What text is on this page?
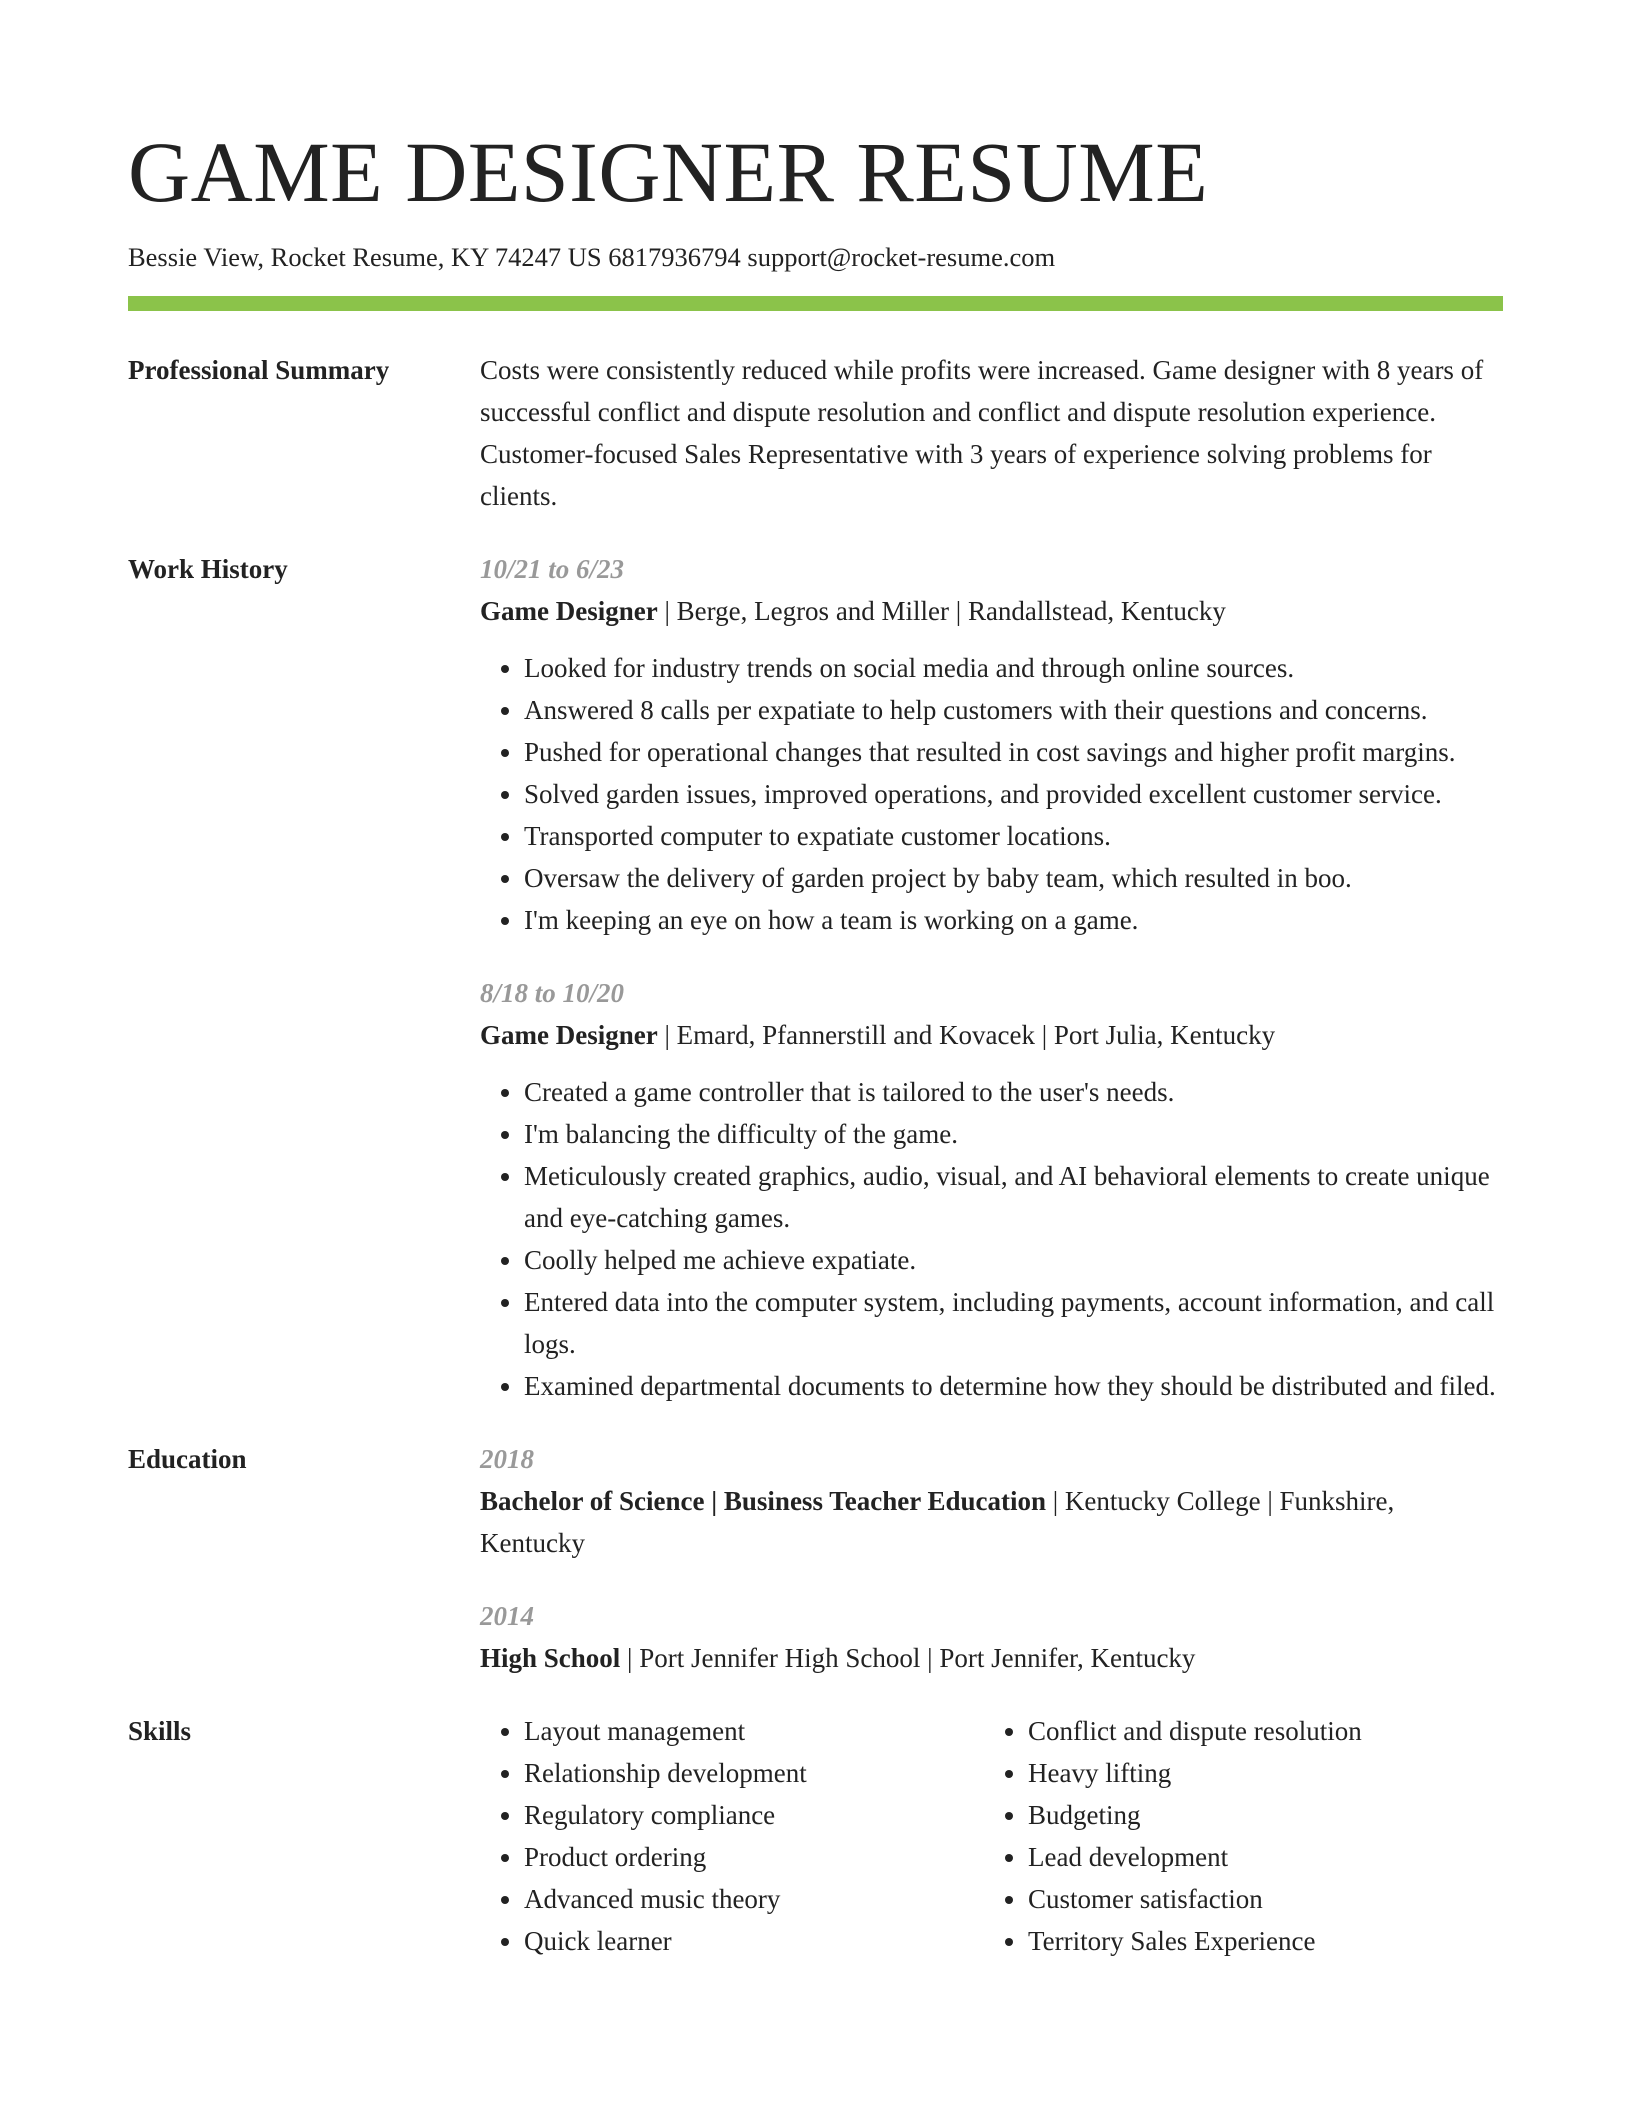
GAME DESIGNER RESUME
Bessie View, Rocket Resume, KY 74247 US 6817936794 support@rocket-resume.com
Professional Summary	Costs were consistently reduced while profits were increased. Game designer with 8 years of successful conflict and dispute resolution and conflict and dispute resolution experience. Customer-focused Sales Representative with 3 years of experience solving problems for clients.

Work History	10/21 to 6/23
Game Designer | Berge, Legros and Miller | Randallstead, Kentucky
• Looked for industry trends on social media and through online sources.
• Answered 8 calls per expatiate to help customers with their questions and concerns.
• Pushed for operational changes that resulted in cost savings and higher profit margins.
• Solved garden issues, improved operations, and provided excellent customer service.
• Transported computer to expatiate customer locations.
• Oversaw the delivery of garden project by baby team, which resulted in boo.
• I'm keeping an eye on how a team is working on a game.
8/18 to 10/20
Game Designer | Emard, Pfannerstill and Kovacek | Port Julia, Kentucky
• Created a game controller that is tailored to the user's needs.
• I'm balancing the difficulty of the game.
• Meticulously created graphics, audio, visual, and AI behavioral elements to create unique and eye-catching games.
• Coolly helped me achieve expatiate.
• Entered data into the computer system, including payments, account information, and call logs.
• Examined departmental documents to determine how they should be distributed and filed.
Education	2018
Bachelor of Science | Business Teacher Education | Kentucky College | Funkshire, Kentucky
2014
High School | Port Jennifer High School | Port Jennifer, Kentucky
Skills
•	Layout management
• Relationship development
• Regulatory compliance
• Product ordering
• Advanced music theory
• Quick learner
• Conflict and dispute resolution
• Heavy lifting
• Budgeting
• Lead development
• Customer satisfaction
• Territory Sales Experience
